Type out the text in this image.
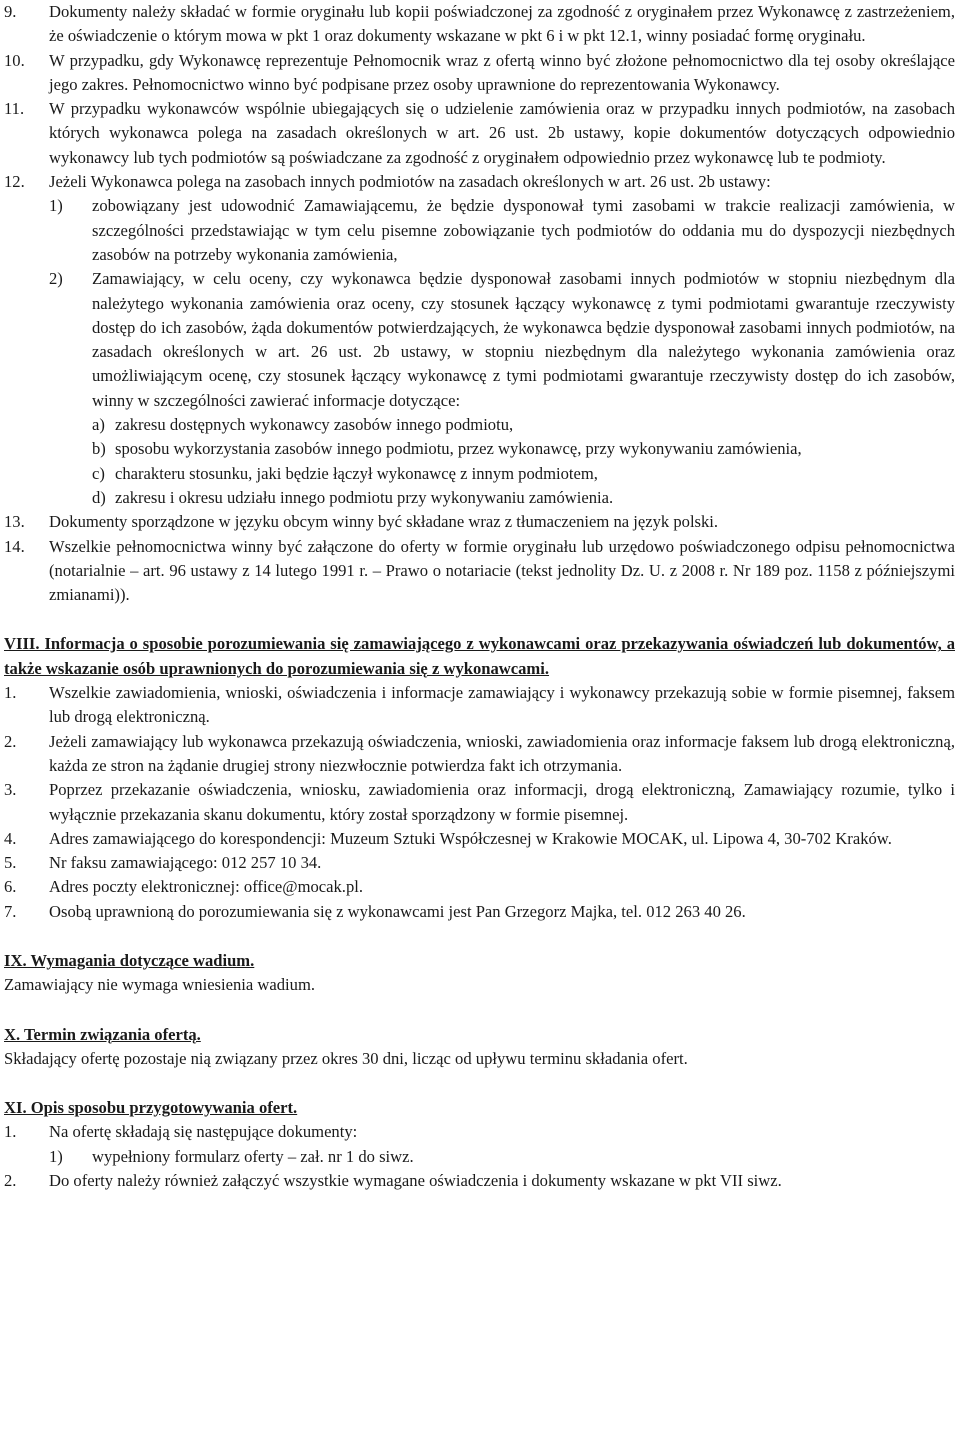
9.	Dokumenty należy składać w formie oryginału lub kopii poświadczonej za zgodność z oryginałem przez Wykonawcę z zastrzeżeniem, że oświadczenie o którym mowa w pkt 1 oraz dokumenty wskazane w pkt 6 i w pkt 12.1, winny posiadać formę oryginału.
10.	W przypadku, gdy Wykonawcę reprezentuje Pełnomocnik wraz z ofertą winno być złożone pełnomocnictwo dla tej osoby określające jego zakres. Pełnomocnictwo winno być podpisane przez osoby uprawnione do reprezentowania Wykonawcy.
11.	W przypadku wykonawców wspólnie ubiegających się o udzielenie zamówienia oraz w przypadku innych podmiotów, na zasobach których wykonawca polega na zasadach określonych w art. 26 ust. 2b ustawy, kopie dokumentów dotyczących odpowiednio wykonawcy lub tych podmiotów są poświadczane za zgodność z oryginałem odpowiednio przez wykonawcę lub te podmioty.
12.	Jeżeli Wykonawca polega na zasobach innych podmiotów na zasadach określonych w art. 26 ust. 2b ustawy:
1)	zobowiązany jest udowodnić Zamawiającemu, że będzie dysponował tymi zasobami w trakcie realizacji zamówienia, w szczególności przedstawiając w tym celu pisemne zobowiązanie tych podmiotów do oddania mu do dyspozycji niezbędnych zasobów na potrzeby wykonania zamówienia,
2)	Zamawiający, w celu oceny, czy wykonawca będzie dysponował zasobami innych podmiotów w stopniu niezbędnym dla należytego wykonania zamówienia oraz oceny, czy stosunek łączący wykonawcę z tymi podmiotami gwarantuje rzeczywisty dostęp do ich zasobów, żąda dokumentów potwierdzających, że wykonawca będzie dysponował zasobami innych podmiotów, na zasadach określonych w art. 26 ust. 2b ustawy, w stopniu niezbędnym dla należytego wykonania zamówienia oraz umożliwiającym ocenę, czy stosunek łączący wykonawcę z tymi podmiotami gwarantuje rzeczywisty dostęp do ich zasobów, winny w szczególności zawierać informacje dotyczące:
a) zakresu dostępnych wykonawcy zasobów innego podmiotu,
b) sposobu wykorzystania zasobów innego podmiotu, przez wykonawcę, przy wykonywaniu zamówienia,
c) charakteru stosunku, jaki będzie łączył wykonawcę z innym podmiotem,
d) zakresu i okresu udziału innego podmiotu przy wykonywaniu zamówienia.
13.	Dokumenty sporządzone w języku obcym winny być składane wraz z tłumaczeniem na język polski.
14.	Wszelkie pełnomocnictwa winny być załączone do oferty w formie oryginału lub urzędowo poświadczonego odpisu pełnomocnictwa (notarialnie – art. 96 ustawy z 14 lutego 1991 r. – Prawo o notariacie (tekst jednolity Dz. U. z 2008 r. Nr 189 poz. 1158 z późniejszymi zmianami)).
VIII. Informacja o sposobie porozumiewania się zamawiającego z wykonawcami oraz przekazywania oświadczeń lub dokumentów, a także wskazanie osób uprawnionych do porozumiewania się z wykonawcami.
1.	Wszelkie zawiadomienia, wnioski, oświadczenia i informacje zamawiający i wykonawcy przekazują sobie w formie pisemnej, faksem lub drogą elektroniczną.
2.	Jeżeli zamawiający lub wykonawca przekazują oświadczenia, wnioski, zawiadomienia oraz informacje faksem lub drogą elektroniczną, każda ze stron na żądanie drugiej strony niezwłocznie potwierdza fakt ich otrzymania.
3.	Poprzez przekazanie oświadczenia, wniosku, zawiadomienia oraz informacji, drogą elektroniczną, Zamawiający rozumie, tylko i wyłącznie przekazania skanu dokumentu, który został sporządzony w formie pisemnej.
4.	Adres zamawiającego do korespondencji: Muzeum Sztuki Współczesnej w Krakowie MOCAK, ul. Lipowa 4, 30-702 Kraków.
5.	Nr faksu zamawiającego: 012 257 10 34.
6.	Adres poczty elektronicznej: office@mocak.pl.
7.	Osobą uprawnioną do porozumiewania się z wykonawcami jest Pan Grzegorz Majka, tel. 012 263 40 26.
IX. Wymagania dotyczące wadium.
Zamawiający nie wymaga wniesienia wadium.
X. Termin związania ofertą.
Składający ofertę pozostaje nią związany przez okres 30 dni, licząc od upływu terminu składania ofert.
XI. Opis sposobu przygotowywania ofert.
1.	Na ofertę składają się następujące dokumenty:
1)	wypełniony formularz oferty – zał. nr 1 do siwz.
2.	Do oferty należy również załączyć wszystkie wymagane oświadczenia i dokumenty wskazane w pkt VII siwz.
